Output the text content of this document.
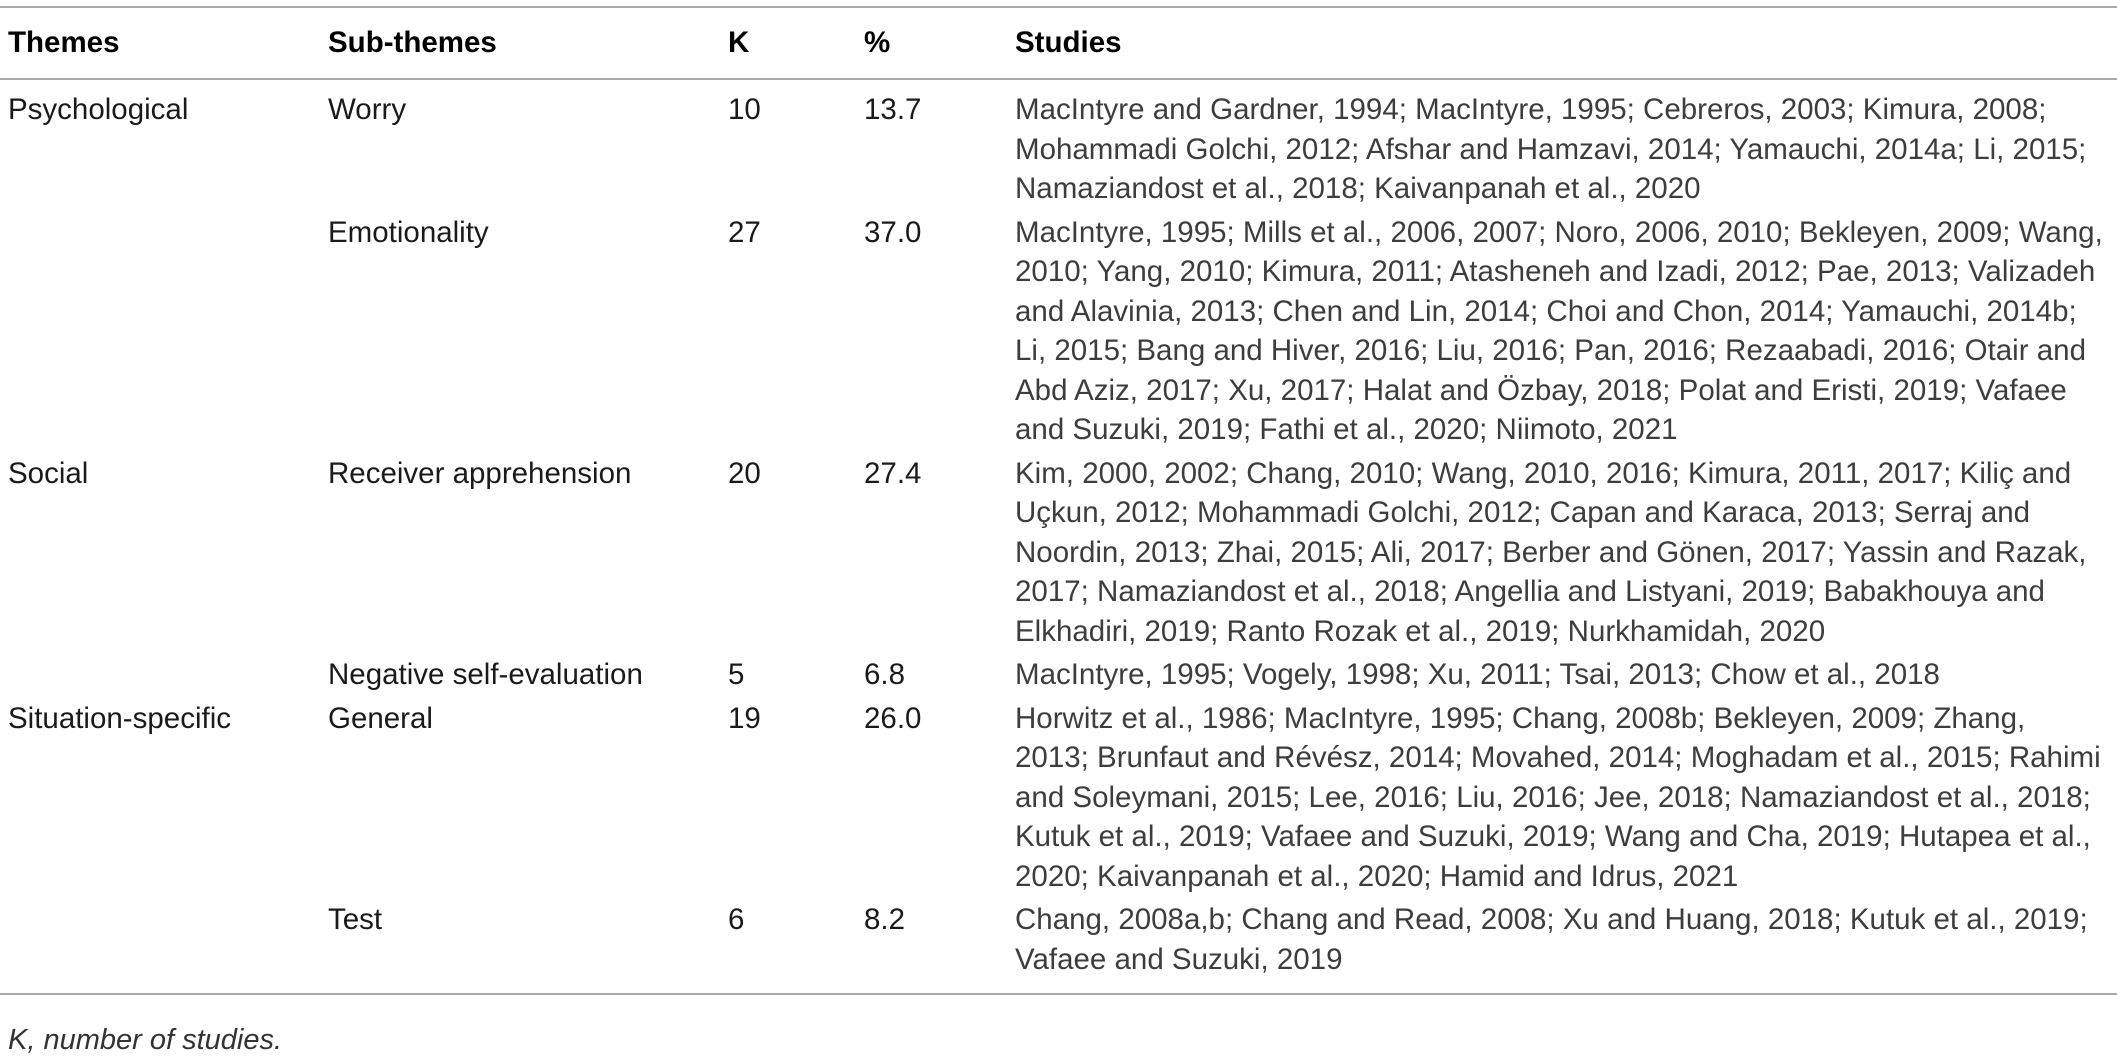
Themes	Sub-themes	K	%	Studies
Psychological	Worry	10	13.7	MacIntyre and Gardner, 1994; MacIntyre, 1995; Cebreros, 2003; Kimura, 2008; Mohammadi Golchi, 2012; Afshar and Hamzavi, 2014; Yamauchi, 2014a; Li, 2015; Namaziandost et al., 2018; Kaivanpanah et al., 2020
	Emotionality	27	37.0	MacIntyre, 1995; Mills et al., 2006, 2007; Noro, 2006, 2010; Bekleyen, 2009; Wang, 2010; Yang, 2010; Kimura, 2011; Atasheneh and Izadi, 2012; Pae, 2013; Valizadeh and Alavinia, 2013; Chen and Lin, 2014; Choi and Chon, 2014; Yamauchi, 2014b; Li, 2015; Bang and Hiver, 2016; Liu, 2016; Pan, 2016; Rezaabadi, 2016; Otair and Abd Aziz, 2017; Xu, 2017; Halat and Özbay, 2018; Polat and Eristi, 2019; Vafaee and Suzuki, 2019; Fathi et al., 2020; Niimoto, 2021
Social	Receiver apprehension	20	27.4	Kim, 2000, 2002; Chang, 2010; Wang, 2010, 2016; Kimura, 2011, 2017; Kiliç and Uçkun, 2012; Mohammadi Golchi, 2012; Capan and Karaca, 2013; Serraj and Noordin, 2013; Zhai, 2015; Ali, 2017; Berber and Gönen, 2017; Yassin and Razak, 2017; Namaziandost et al., 2018; Angellia and Listyani, 2019; Babakhouya and Elkhadiri, 2019; Ranto Rozak et al., 2019; Nurkhamidah, 2020
	Negative self-evaluation	5	6.8	MacIntyre, 1995; Vogely, 1998; Xu, 2011; Tsai, 2013; Chow et al., 2018
Situation-specific	General	19	26.0	Horwitz et al., 1986; MacIntyre, 1995; Chang, 2008b; Bekleyen, 2009; Zhang, 2013; Brunfaut and Révész, 2014; Movahed, 2014; Moghadam et al., 2015; Rahimi and Soleymani, 2015; Lee, 2016; Liu, 2016; Jee, 2018; Namaziandost et al., 2018; Kutuk et al., 2019; Vafaee and Suzuki, 2019; Wang and Cha, 2019; Hutapea et al., 2020; Kaivanpanah et al., 2020; Hamid and Idrus, 2021
	Test	6	8.2	Chang, 2008a,b; Chang and Read, 2008; Xu and Huang, 2018; Kutuk et al., 2019; Vafaee and Suzuki, 2019
K, number of studies.
